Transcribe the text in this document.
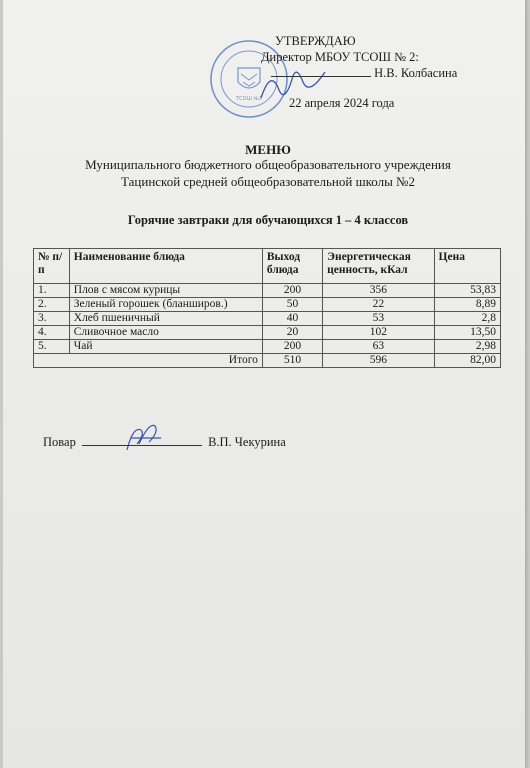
ТСОШ №2
УТВЕРЖДАЮ
Директор МБОУ ТСОШ № 2:
Н.В. Колбасина
22 апреля 2024 года
МЕНЮ
Муниципального бюджетного общеобразовательного учреждения
Тацинской средней общеобразовательной школы №2
Горячие завтраки для обучающихся 1 – 4 классов
№ п/п	Наименование блюда	Выход блюда	Энергетическая ценность, кКал	Цена
1.	Плов с мясом курицы	200	356	53,83
2.	Зеленый горошек (бланширов.)	50	22	8,89
3.	Хлеб пшеничный	40	53	2,8
4.	Сливочное масло	20	102	13,50
5.	Чай	200	63	2,98
Итого		510	596	82,00
Повар	В.П. Чекурина
